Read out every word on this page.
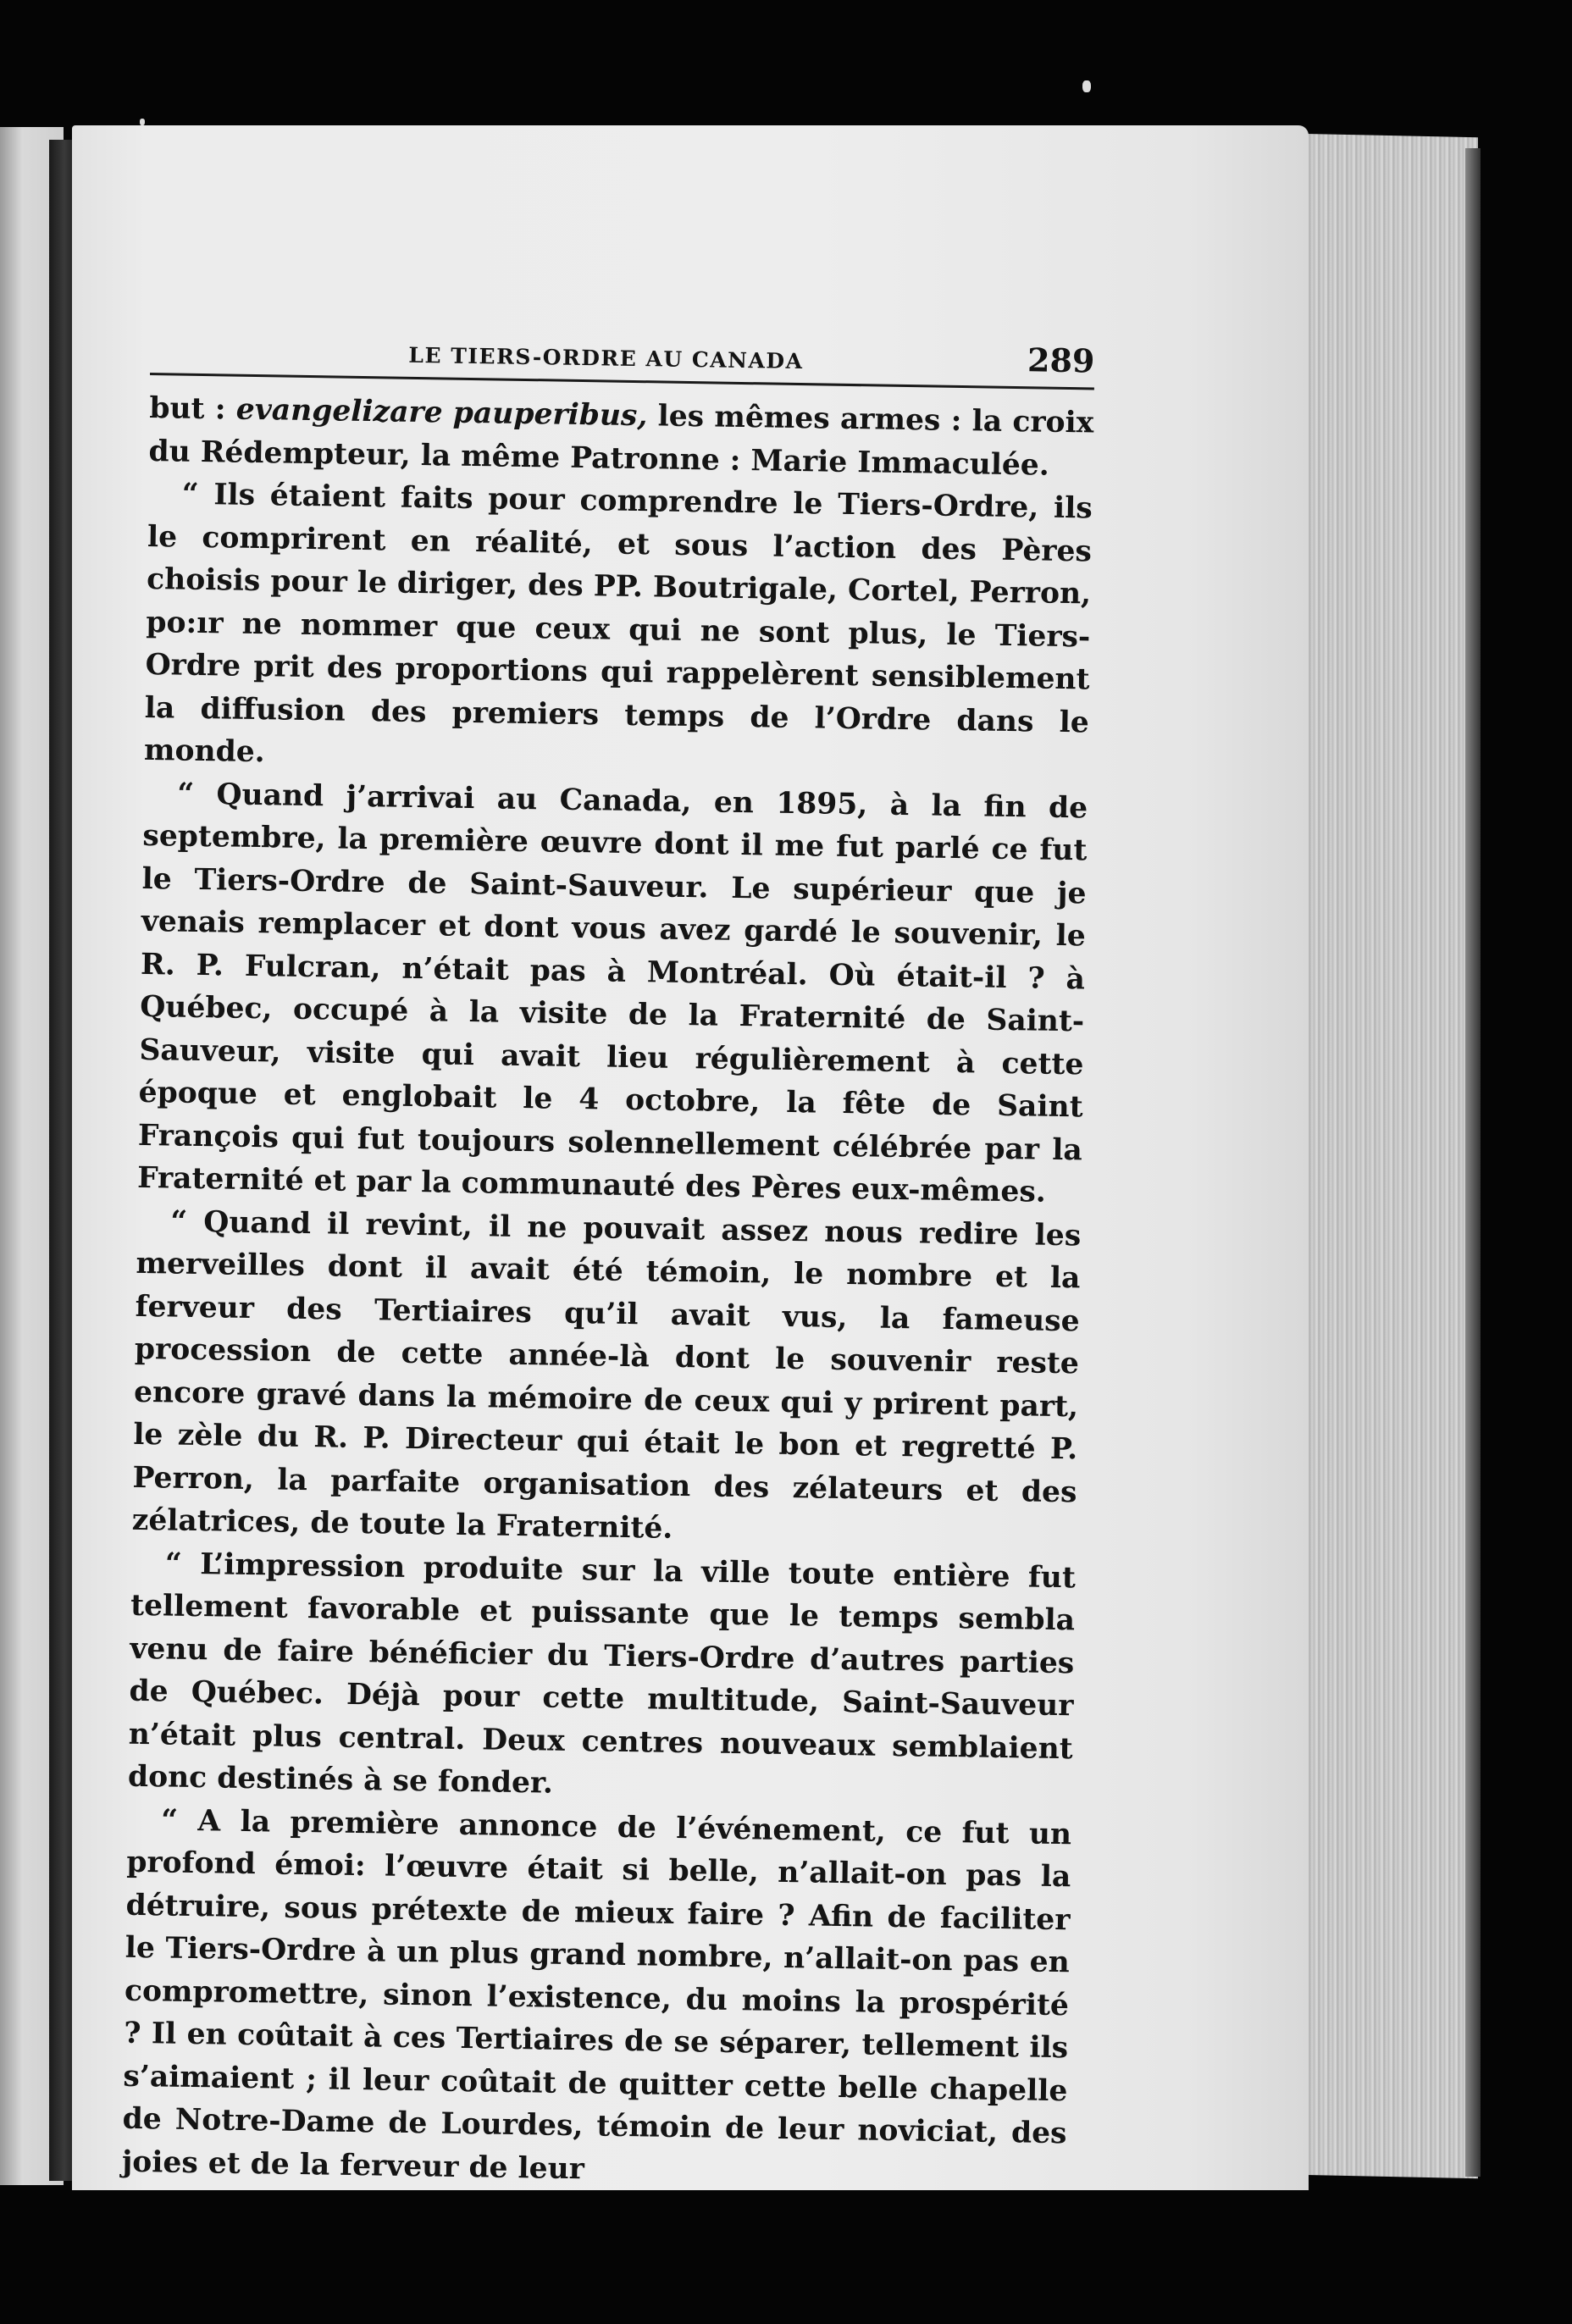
LE TIERS-ORDRE AU CANADA	289

but : evangelizare pauperibus, les mêmes armes : la croix du Rédempteur, la même Patronne : Marie Immaculée.

“ Ils étaient faits pour comprendre le Tiers-Ordre, ils le comprirent en réalité, et sous l’action des Pères choisis pour le diriger, des PP. Boutrigale, Cortel, Perron, po:ır ne nommer que ceux qui ne sont plus, le Tiers-Ordre prit des proportions qui rappelèrent sensiblement la diffusion des premiers temps de l’Ordre dans le monde.

“ Quand j’arrivai au Canada, en 1895, à la fin de septembre, la première œuvre dont il me fut parlé ce fut le Tiers-Ordre de Saint-Sauveur. Le supérieur que je venais remplacer et dont vous avez gardé le souvenir, le R. P. Fulcran, n’était pas à Montréal. Où était-il ? à Québec, occupé à la visite de la Fraternité de Saint-Sauveur, visite qui avait lieu régulièrement à cette époque et englobait le 4 octobre, la fête de Saint François qui fut toujours solennellement célébrée par la Fraternité et par la communauté des Pères eux-mêmes.

“ Quand il revint, il ne pouvait assez nous redire les merveilles dont il avait été témoin, le nombre et la ferveur des Tertiaires qu’il avait vus, la fameuse procession de cette année-là dont le souvenir reste encore gravé dans la mémoire de ceux qui y prirent part, le zèle du R. P. Directeur qui était le bon et regretté P. Perron, la parfaite organisation des zélateurs et des zélatrices, de toute la Fraternité.

“ L’impression produite sur la ville toute entière fut tellement favorable et puissante que le temps sembla venu de faire bénéficier du Tiers-Ordre d’autres parties de Québec. Déjà pour cette multitude, Saint-Sauveur n’était plus central. Deux centres nouveaux semblaient donc destinés à se fonder.

“ A la première annonce de l’événement, ce fut un profond émoi: l’œuvre était si belle, n’allait-on pas la détruire, sous prétexte de mieux faire ? Afin de faciliter le Tiers-Ordre à un plus grand nombre, n’allait-on pas en compromettre, sinon l’existence, du moins la prospérité ? Il en coûtait à ces Tertiaires de se séparer, tellement ils s’aimaient ; il leur coûtait de quitter cette belle chapelle de Notre-Dame de Lourdes, témoin de leur noviciat, des joies et de la ferveur de leur
